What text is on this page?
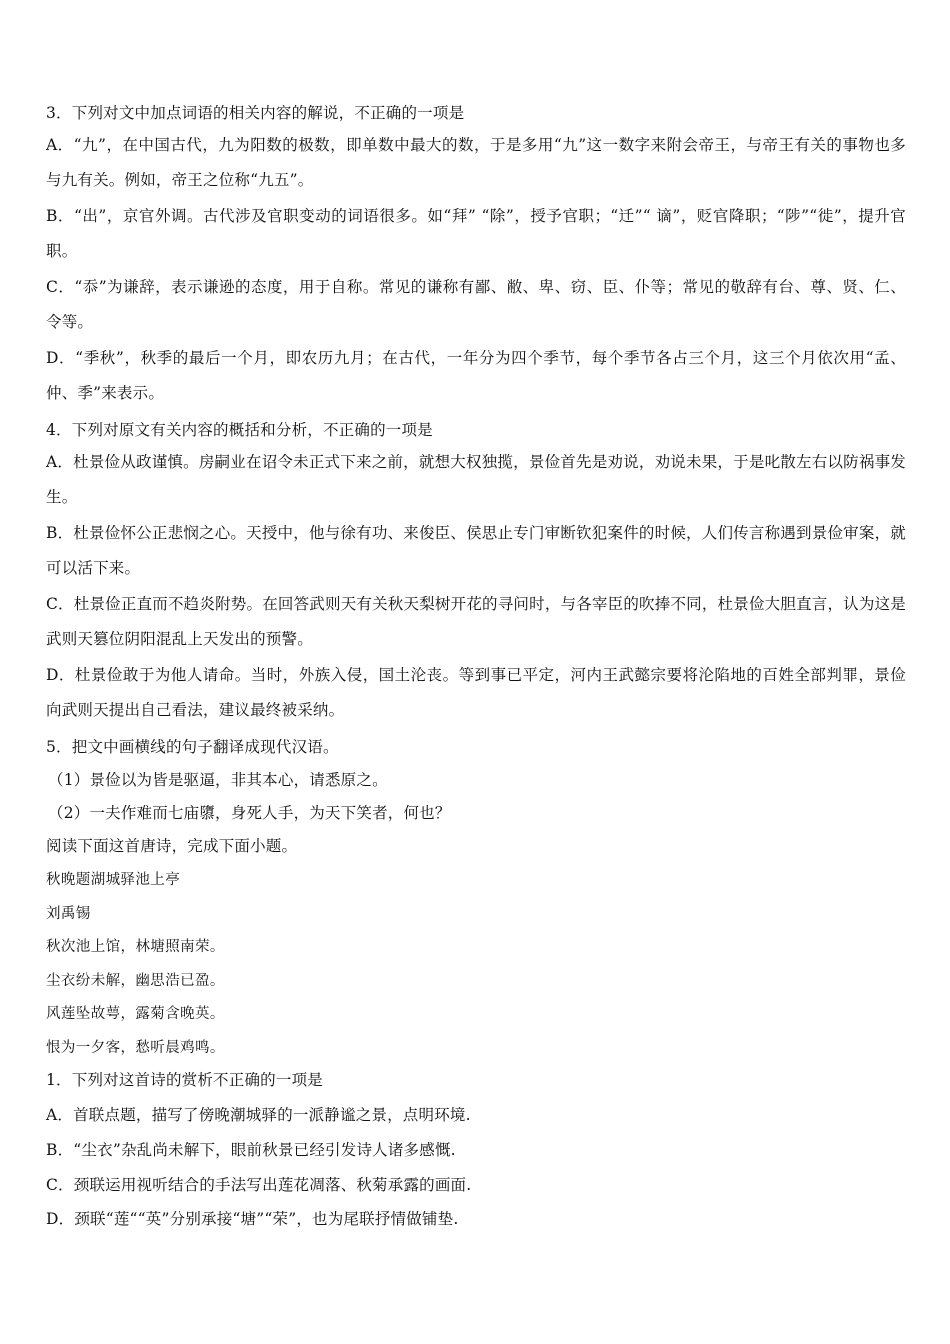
3．下列对文中加点词语的相关内容的解说，不正确的一项是
A．“九”，在中国古代，九为阳数的极数，即单数中最大的数，于是多用“九”这一数字来附会帝王，与帝王有关的事物也多与九有关。例如，帝王之位称“九五”。
B．“出”，京官外调。古代涉及官职变动的词语很多。如“拜” “除”，授予官职；“迁”“ 谪”，贬官降职；“陟”“徙”，提升官职。
C．“忝”为谦辞，表示谦逊的态度，用于自称。常见的谦称有鄙、敝、卑、窃、臣、仆等；常见的敬辞有台、尊、贤、仁、令等。
D．“季秋”，秋季的最后一个月，即农历九月；在古代，一年分为四个季节，每个季节各占三个月，这三个月依次用“孟、仲、季”来表示。
4．下列对原文有关内容的概括和分析，不正确的一项是
A．杜景俭从政谨慎。房嗣业在诏令未正式下来之前，就想大权独揽，景俭首先是劝说，劝说未果，于是叱散左右以防祸事发生。
B．杜景俭怀公正悲悯之心。天授中，他与徐有功、来俊臣、侯思止专门审断钦犯案件的时候，人们传言称遇到景俭审案，就可以活下来。
C．杜景俭正直而不趋炎附势。在回答武则天有关秋天梨树开花的寻问时，与各宰臣的吹捧不同，杜景俭大胆直言，认为这是武则天篡位阴阳混乱上天发出的预警。
D．杜景俭敢于为他人请命。当时，外族入侵，国土沦丧。等到事已平定，河内王武懿宗要将沦陷地的百姓全部判罪，景俭向武则天提出自己看法，建议最终被采纳。
5．把文中画横线的句子翻译成现代汉语。
（1）景俭以为皆是驱逼，非其本心，请悉原之。
（2）一夫作难而七庙隳，身死人手，为天下笑者，何也？
阅读下面这首唐诗，完成下面小题。
秋晚题湖城驿池上亭
刘禹锡
秋次池上馆，林塘照南荣。
尘衣纷未解，幽思浩已盈。
风莲坠故萼，露菊含晚英。
恨为一夕客，愁听晨鸡鸣。
1．下列对这首诗的赏析不正确的一项是
A．首联点题，描写了傍晚潮城驿的一派静谧之景，点明环境.
B．“尘衣”杂乱尚未解下，眼前秋景已经引发诗人诸多感慨.
C．颈联运用视听结合的手法写出莲花凋落、秋菊承露的画面.
D．颈联“莲““英”分别承接“塘”“荣”，也为尾联抒情做铺垫.
